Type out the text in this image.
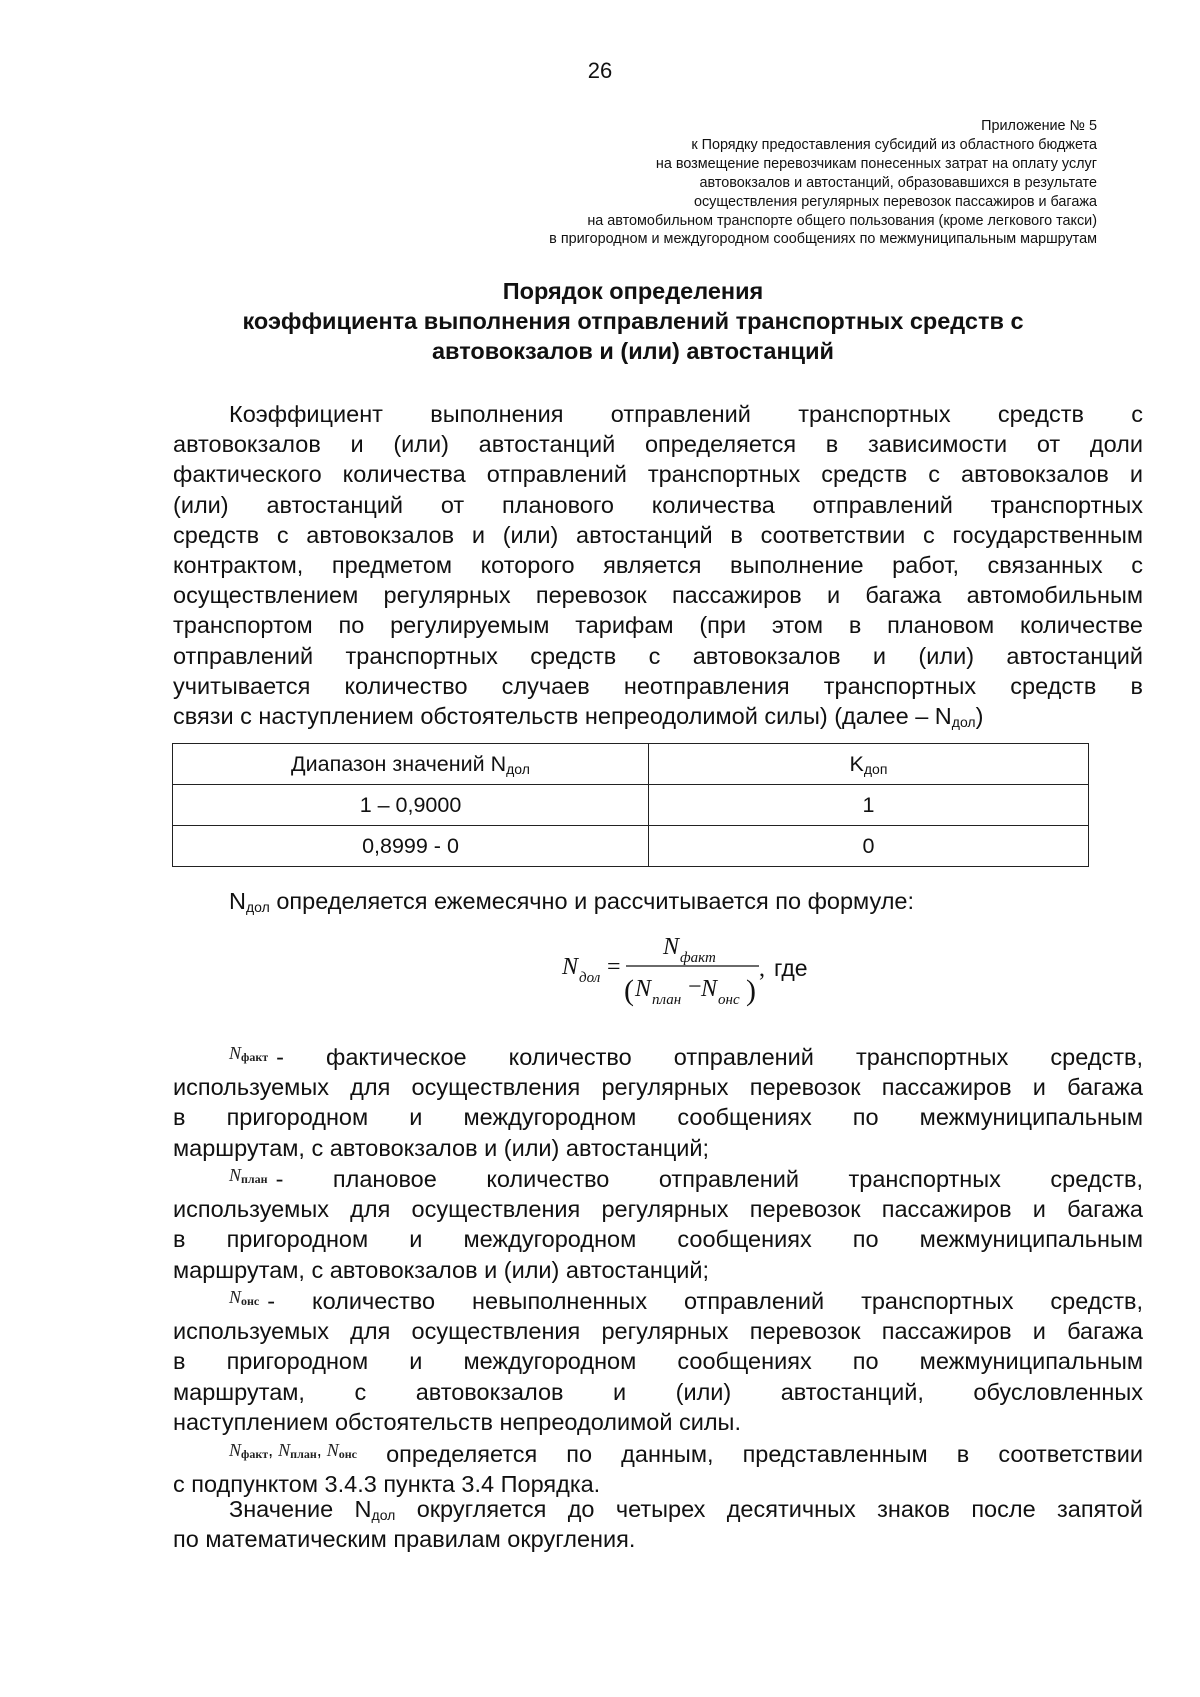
26
Приложение № 5
к Порядку предоставления субсидий из областного бюджета
на возмещение перевозчикам понесенных затрат на оплату услуг
автовокзалов и автостанций, образовавшихся в результате
осуществления регулярных перевозок пассажиров и багажа
на автомобильном транспорте общего пользования (кроме легкового такси)
в пригородном и междугородном сообщениях по межмуниципальным маршрутам
Порядок определения
коэффициента выполнения отправлений транспортных средств с
автовокзалов и (или) автостанций
Коэффициент выполнения отправлений транспортных средств с
автовокзалов и (или) автостанций определяется в зависимости от доли
фактического количества отправлений транспортных средств с автовокзалов и
(или) автостанций от планового количества отправлений транспортных
средств с автовокзалов и (или) автостанций в соответствии с государственным
контрактом, предметом которого является выполнение работ, связанных с
осуществлением регулярных перевозок пассажиров и багажа автомобильным
транспортом по регулируемым тарифам (при этом в плановом количестве
отправлений транспортных средств с автовокзалов и (или) автостанций
учитывается количество случаев неотправления транспортных средств в
связи с наступлением обстоятельств непреодолимой силы) (далее – $N_{дол}$)
Диапазон значений $N_{дол}$	$K_{доп}$
1 – 0,9000	1
0,8999 - 0	0
$N_{дол}$ определяется ежемесячно и рассчитывается по формуле:
N дол =
N факт
( N план − N онс )
, где
$N_{факт}$ - фактическое количество отправлений транспортных средств,
используемых для осуществления регулярных перевозок пассажиров и багажа
в пригородном и междугородном сообщениях по межмуниципальным
маршрутам, с автовокзалов и (или) автостанций;
$N_{план}$ - плановое количество отправлений транспортных средств,
используемых для осуществления регулярных перевозок пассажиров и багажа
в пригородном и междугородном сообщениях по межмуниципальным
маршрутам, с автовокзалов и (или) автостанций;
$N_{онс}$ - количество невыполненных отправлений транспортных средств,
используемых для осуществления регулярных перевозок пассажиров и багажа
в пригородном и междугородном сообщениях по межмуниципальным
маршрутам, с автовокзалов и (или) автостанций, обусловленных
наступлением обстоятельств непреодолимой силы.
$N_{факт}$, $N_{план}$, $N_{онс}$ определяется по данным, представленным в соответствии
с подпунктом 3.4.3 пункта 3.4 Порядка.
Значение $N_{дол}$ округляется до четырех десятичных знаков после запятой
по математическим правилам округления.
